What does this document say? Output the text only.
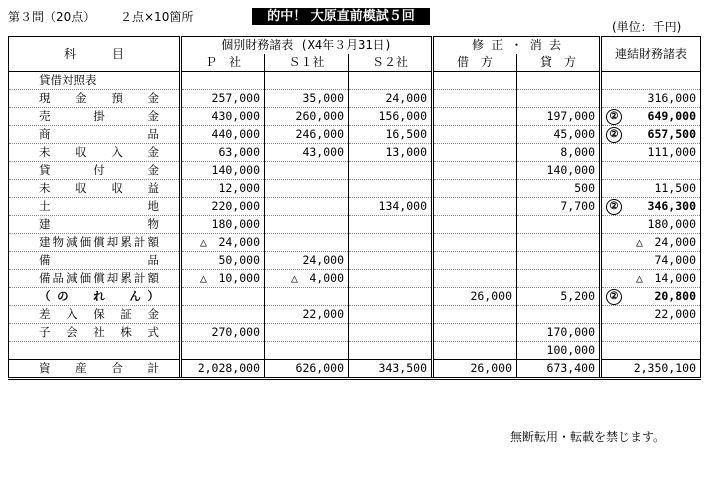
第３問（20点） ２点×10箇所	的中！ 大原直前模試５回
(単位：千円)
科　　　目	個別財務諸表 (X4年３月31日)			修 正 ・ 消 去		連結財務諸表
	Ｐ　社	Ｓ１社	Ｓ２社	借　方	貸　方	
貸借対照表						
現金預金	257,000	35,000	24,000			316,000
売掛金	430,000	260,000	156,000		197,000	② 649,000
商品	440,000	246,000	16,500		45,000	② 657,500
未収入金	63,000	43,000	13,000		8,000	111,000
貸付金	140,000				140,000	
未収収益	12,000				500	11,500
土地	220,000		134,000		7,700	② 346,300
建物	180,000					180,000
建物減価償却累計額	△　24,000					△　24,000
備品	50,000	24,000				74,000
備品減価償却累計額	△　10,000	△　4,000				△　14,000
（の　れ　ん）				26,000	5,200	② 20,800
差入保証金		22,000				22,000
子会社株式	270,000				170,000	
					100,000	
資産合計	2,028,000	626,000	343,500	26,000	673,400	2,350,100
無断転用・転載を禁じます。
